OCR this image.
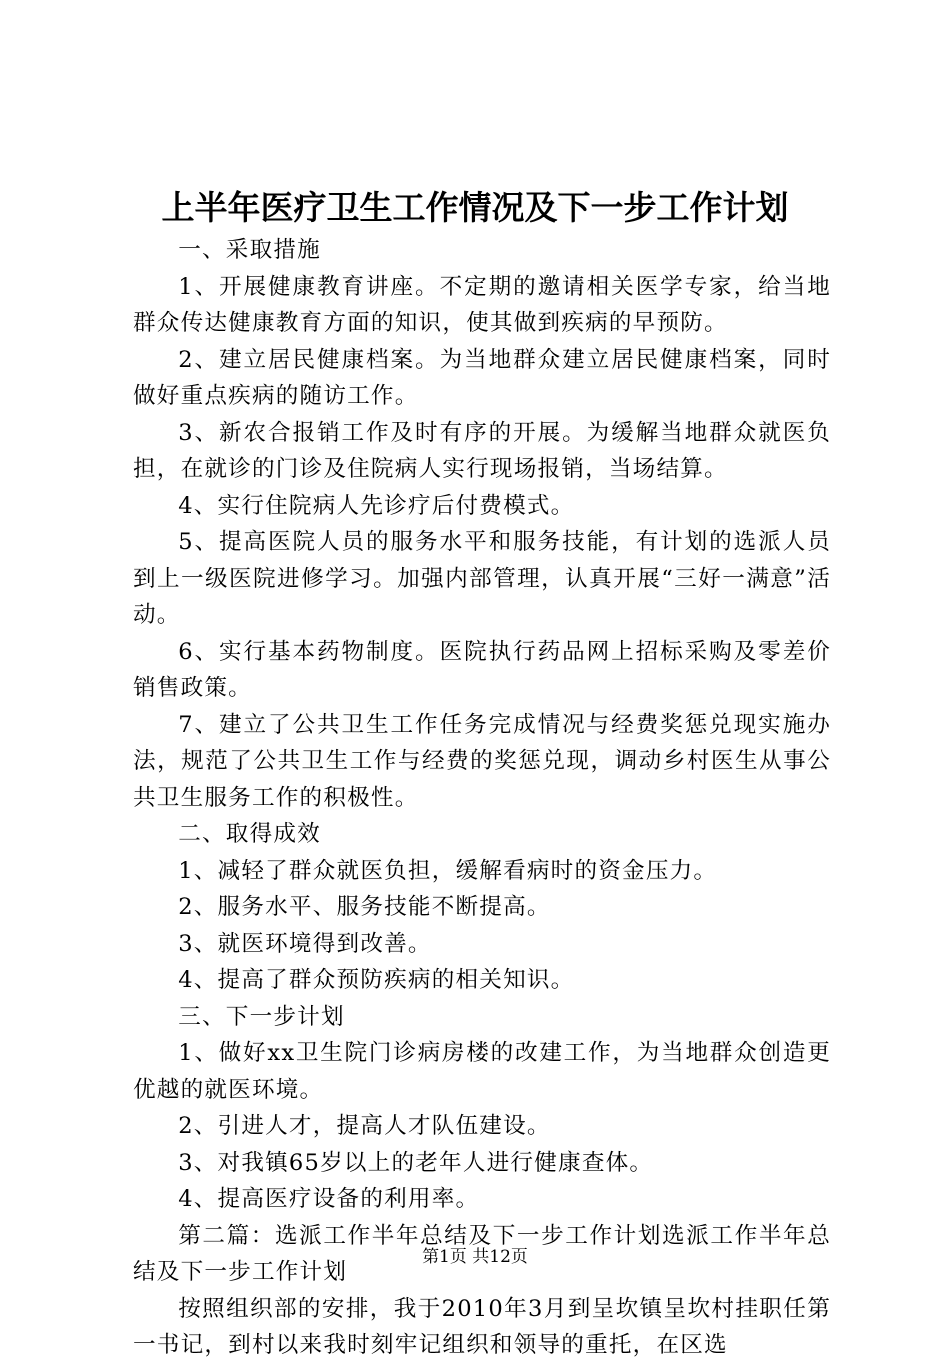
上半年医疗卫生工作情况及下一步工作计划

一、采取措施

1、开展健康教育讲座。不定期的邀请相关医学专家，给当地群众传达健康教育方面的知识，使其做到疾病的早预防。

2、建立居民健康档案。为当地群众建立居民健康档案，同时做好重点疾病的随访工作。

3、新农合报销工作及时有序的开展。为缓解当地群众就医负担，在就诊的门诊及住院病人实行现场报销，当场结算。

4、实行住院病人先诊疗后付费模式。

5、提高医院人员的服务水平和服务技能，有计划的选派人员到上一级医院进修学习。加强内部管理，认真开展“三好一满意”活动。

6、实行基本药物制度。医院执行药品网上招标采购及零差价销售政策。

7、建立了公共卫生工作任务完成情况与经费奖惩兑现实施办法，规范了公共卫生工作与经费的奖惩兑现，调动乡村医生从事公共卫生服务工作的积极性。

二、取得成效

1、减轻了群众就医负担，缓解看病时的资金压力。

2、服务水平、服务技能不断提高。

3、就医环境得到改善。

4、提高了群众预防疾病的相关知识。

三、下一步计划

1、做好xx卫生院门诊病房楼的改建工作，为当地群众创造更优越的就医环境。

2、引进人才，提高人才队伍建设。

3、对我镇65岁以上的老年人进行健康查体。

4、提高医疗设备的利用率。

第二篇：选派工作半年总结及下一步工作计划选派工作半年总结及下一步工作计划

按照组织部的安排，我于2010年3月到呈坎镇呈坎村挂职任第一书记，到村以来我时刻牢记组织和领导的重托，在区选

第1页 共12页
